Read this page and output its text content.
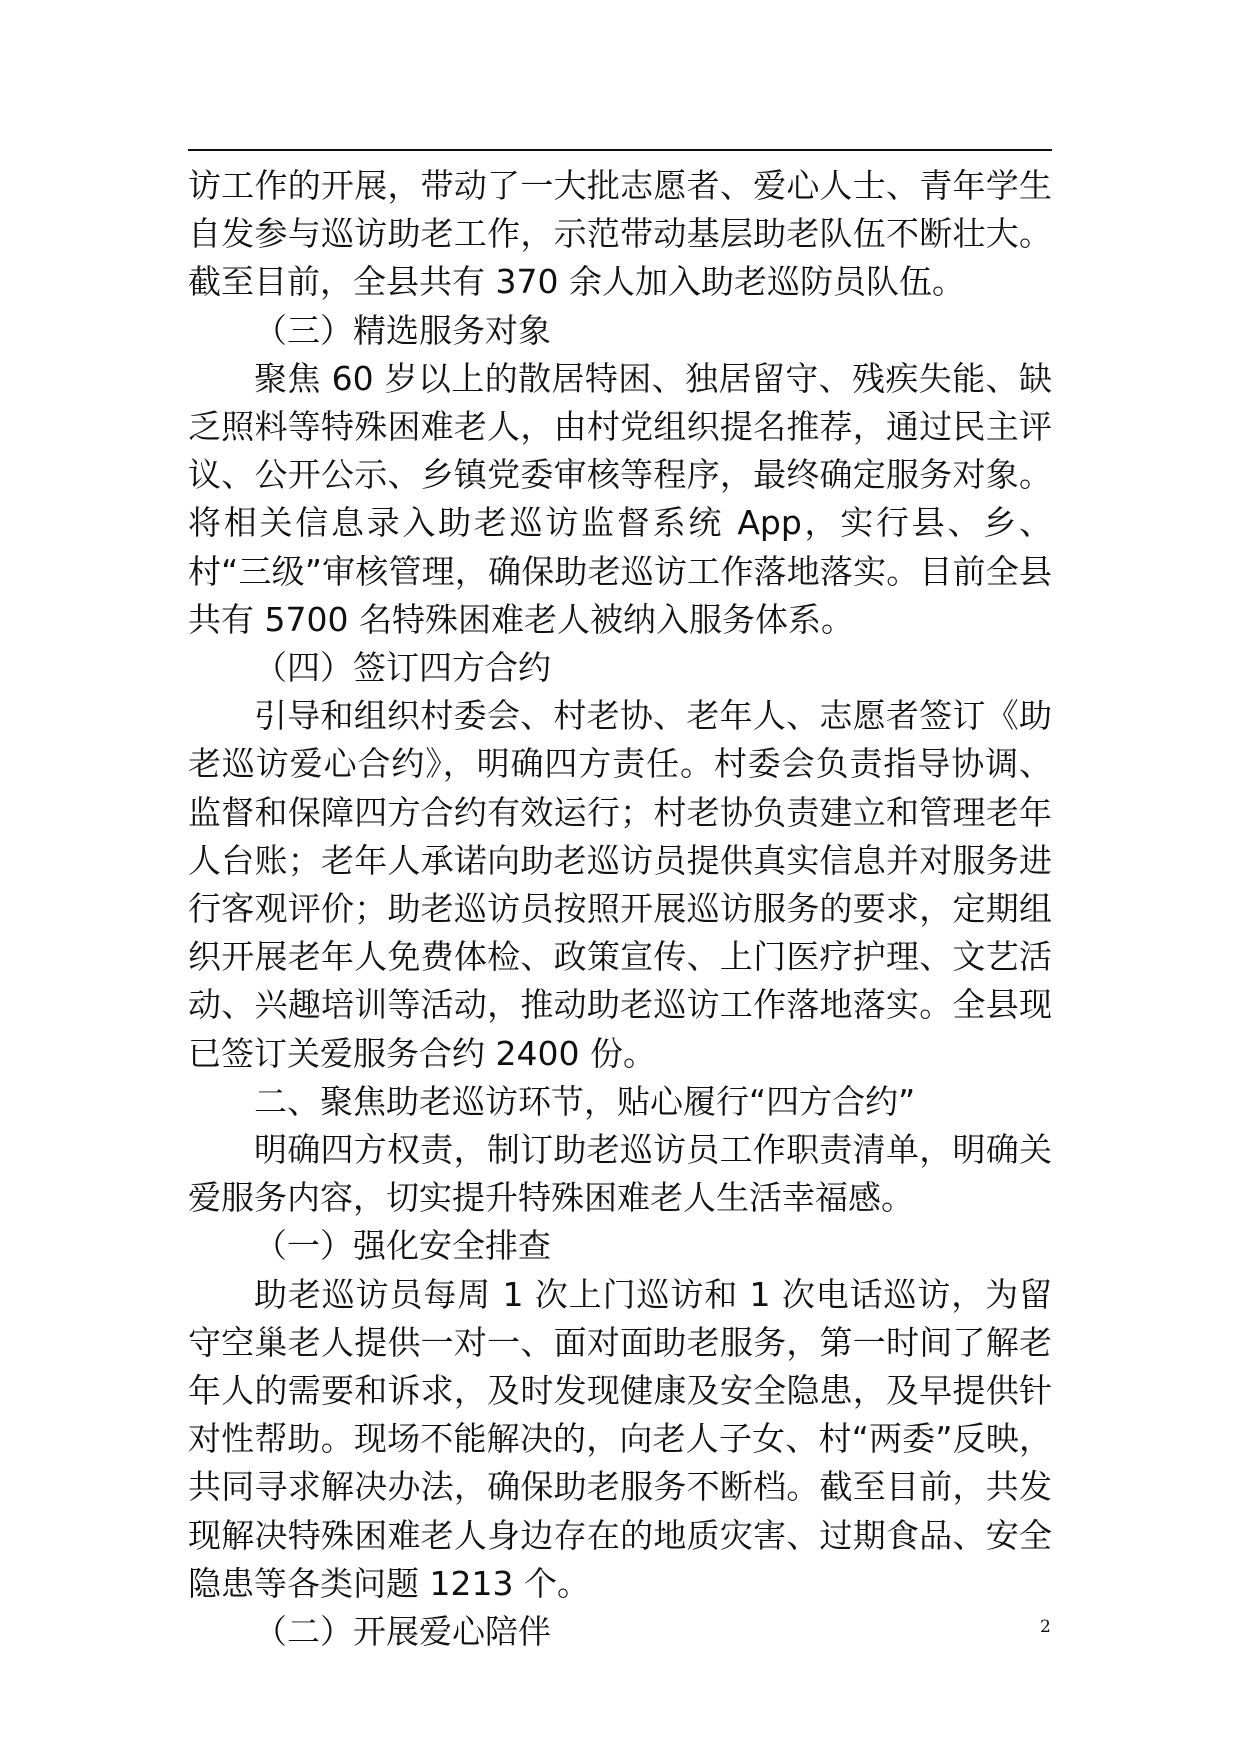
访工作的开展，带动了一大批志愿者、爱心人士、青年学生自发参与巡访助老工作，示范带动基层助老队伍不断壮大。截至目前，全县共有 370 余人加入助老巡防员队伍。

（三）精选服务对象

聚焦 60 岁以上的散居特困、独居留守、残疾失能、缺乏照料等特殊困难老人，由村党组织提名推荐，通过民主评议、公开公示、乡镇党委审核等程序，最终确定服务对象。将相关信息录入助老巡访监督系统 App，实行县、乡、村“三级”审核管理，确保助老巡访工作落地落实。目前全县共有 5700 名特殊困难老人被纳入服务体系。

（四）签订四方合约

引导和组织村委会、村老协、老年人、志愿者签订《助老巡访爱心合约》，明确四方责任。村委会负责指导协调、监督和保障四方合约有效运行；村老协负责建立和管理老年人台账；老年人承诺向助老巡访员提供真实信息并对服务进行客观评价；助老巡访员按照开展巡访服务的要求，定期组织开展老年人免费体检、政策宣传、上门医疗护理、文艺活动、兴趣培训等活动，推动助老巡访工作落地落实。全县现已签订关爱服务合约 2400 份。

二、聚焦助老巡访环节，贴心履行“四方合约”

明确四方权责，制订助老巡访员工作职责清单，明确关爱服务内容，切实提升特殊困难老人生活幸福感。

（一）强化安全排查

助老巡访员每周 1 次上门巡访和 1 次电话巡访，为留守空巢老人提供一对一、面对面助老服务，第一时间了解老年人的需要和诉求，及时发现健康及安全隐患，及早提供针对性帮助。现场不能解决的，向老人子女、村“两委”反映，共同寻求解决办法，确保助老服务不断档。截至目前，共发现解决特殊困难老人身边存在的地质灾害、过期食品、安全隐患等各类问题 1213 个。

（二）开展爱心陪伴	2
